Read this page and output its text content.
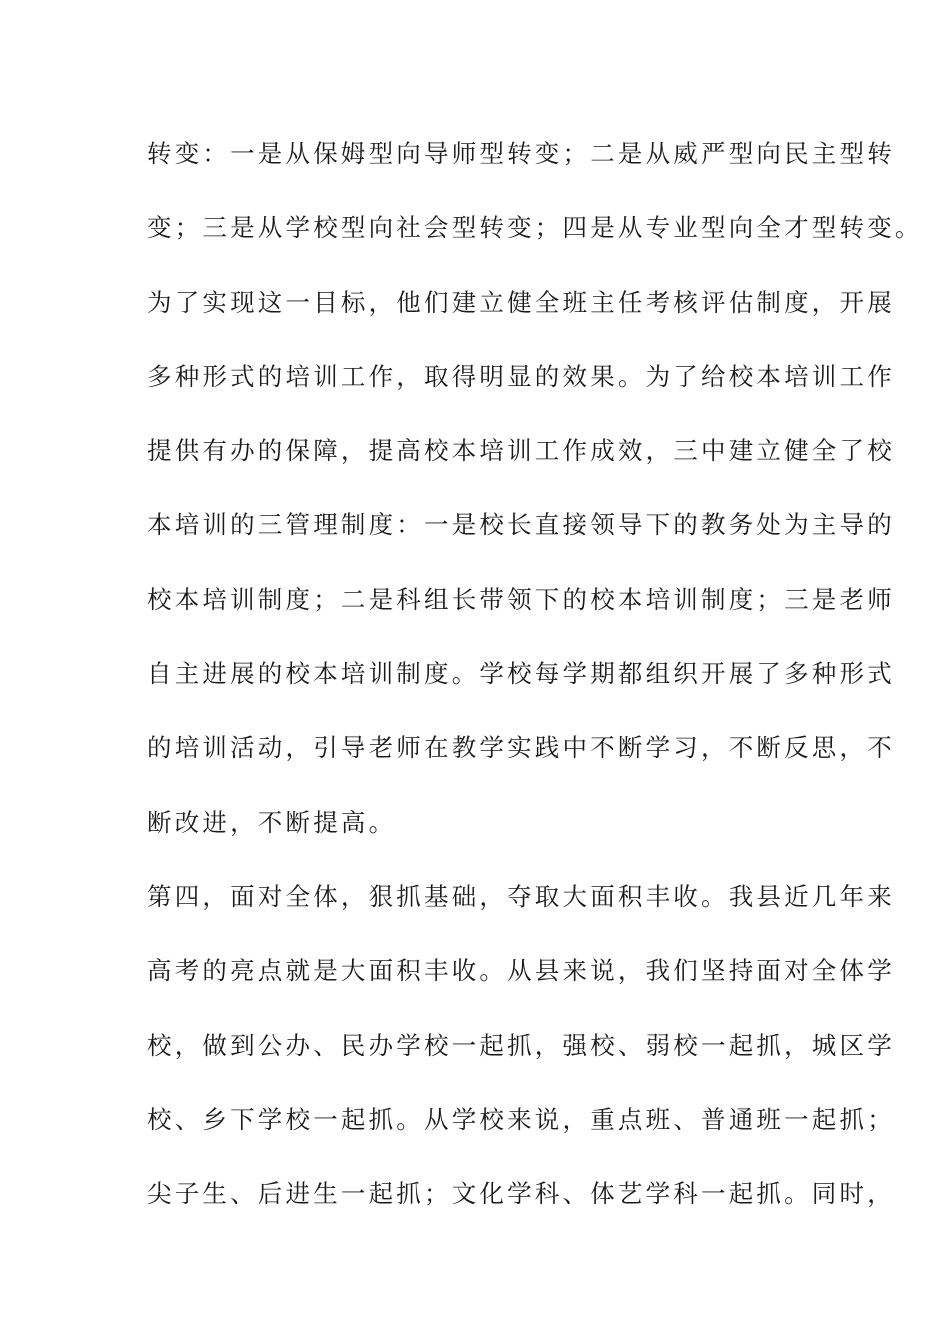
转变：一是从保姆型向导师型转变；二是从威严型向民主型转
变；三是从学校型向社会型转变；四是从专业型向全才型转变。
为了实现这一目标，他们建立健全班主任考核评估制度，开展
多种形式的培训工作，取得明显的效果。为了给校本培训工作
提供有办的保障，提高校本培训工作成效，三中建立健全了校
本培训的三管理制度：一是校长直接领导下的教务处为主导的
校本培训制度；二是科组长带领下的校本培训制度；三是老师
自主进展的校本培训制度。学校每学期都组织开展了多种形式
的培训活动，引导老师在教学实践中不断学习，不断反思，不
断改进，不断提高。
第四，面对全体，狠抓基础，夺取大面积丰收。我县近几年来
高考的亮点就是大面积丰收。从县来说，我们坚持面对全体学
校，做到公办、民办学校一起抓，强校、弱校一起抓，城区学
校、乡下学校一起抓。从学校来说，重点班、普通班一起抓；
尖子生、后进生一起抓；文化学科、体艺学科一起抓。同时，
